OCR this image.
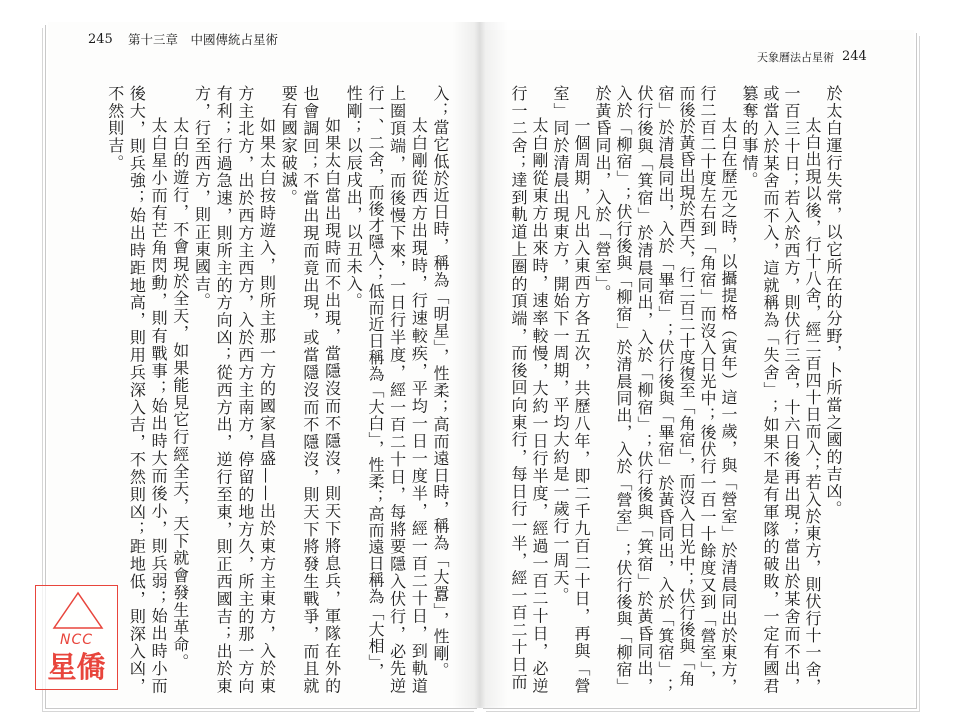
245 第十三章　中國傳統占星術
天象曆法占星術 244
於太白運行失常，以它所在的分野，卜所當之國的吉凶。
太白出現以後，行十八舍，經二百四十日而入；若入於東方，則伏行十一舍，
一百三十日；若入於西方，則伏行三舍，十六日後再出現；當出於某舍而不出，
或當入於某舍而不入，這就稱為「失舍」；如果不是有軍隊的破敗，一定有國君
篡奪的事情。
太白在歷元之時，以攝提格（寅年）這一歲，與「營室」於清晨同出於東方，
行二百二十度左右到「角宿」而沒入日光中；後伏行一百一十餘度又到「營室」，
而後於黃昏出現於西天，行二百二十度復至「角宿」，而沒入日光中；伏行後與「角
宿」於清晨同出，入於「畢宿」；伏行後與「畢宿」於黃昏同出，入於「箕宿」；
伏行後與「箕宿」於清晨同出，入於「柳宿」；伏行後與「箕宿」於黃昏同出，
入於「柳宿」；伏行後與「柳宿」於清晨同出，入於「營室」；伏行後與「柳宿」
於黃昏同出，入於「營室」。
一個周期，凡出入東西方各五次，共歷八年，即二千九百二十日，再與「營
室」同於清晨出現東方，開始下一周期，平均大約是一歲行一周天。
太白剛從東方出來時，速率較慢，大約一日行半度，經過一百二十日，必逆
行一二舍；達到軌道上圈的頂端，而後回向東行，每日行一半，經一百二十日而
入；當它低於近日時，稱為「明星」，性柔；高而遠日時，稱為「大囂」，性剛。
太白剛從西方出現時，行速較疾，平均一日一度半，經一百二十日，到軌道
上圈頂端，而後慢下來，一日行半度，經一百二十日，每將要隱入伏行，必先逆
行一、二舍，而後才隱入；低而近日稱為「大白」，性柔；高而遠日稱為「大相」，
性剛；以辰戌出，以丑未入。
如果太白當出現時而不出現，當隱沒而不隱沒，則天下將息兵，軍隊在外的
也會調回；不當出現而竟出現，或當隱沒而不隱沒，則天下將發生戰爭，而且就
要有國家破滅。
如果太白按時遊入，則所主那一方的國家昌盛——出於東方主東方，入於東
方主北方，出於西方主西方，入於西方主南方，停留的地方久，所主的那一方向
有利；行過急速，則所主的方向凶；從西方出，逆行至東，則正西國吉；出於東
方，行至西方，則正東國吉。
太白的遊行，不會現於全天，如果能見它行經全天，天下就會發生革命。
太白星小而有芒角閃動，則有戰事；始出時大而後小，則兵弱；始出時小而
後大，則兵強；始出時距地高，則用兵深入吉，不然則凶；距地低，則深入凶，
不然則吉。
NCC
星僑
